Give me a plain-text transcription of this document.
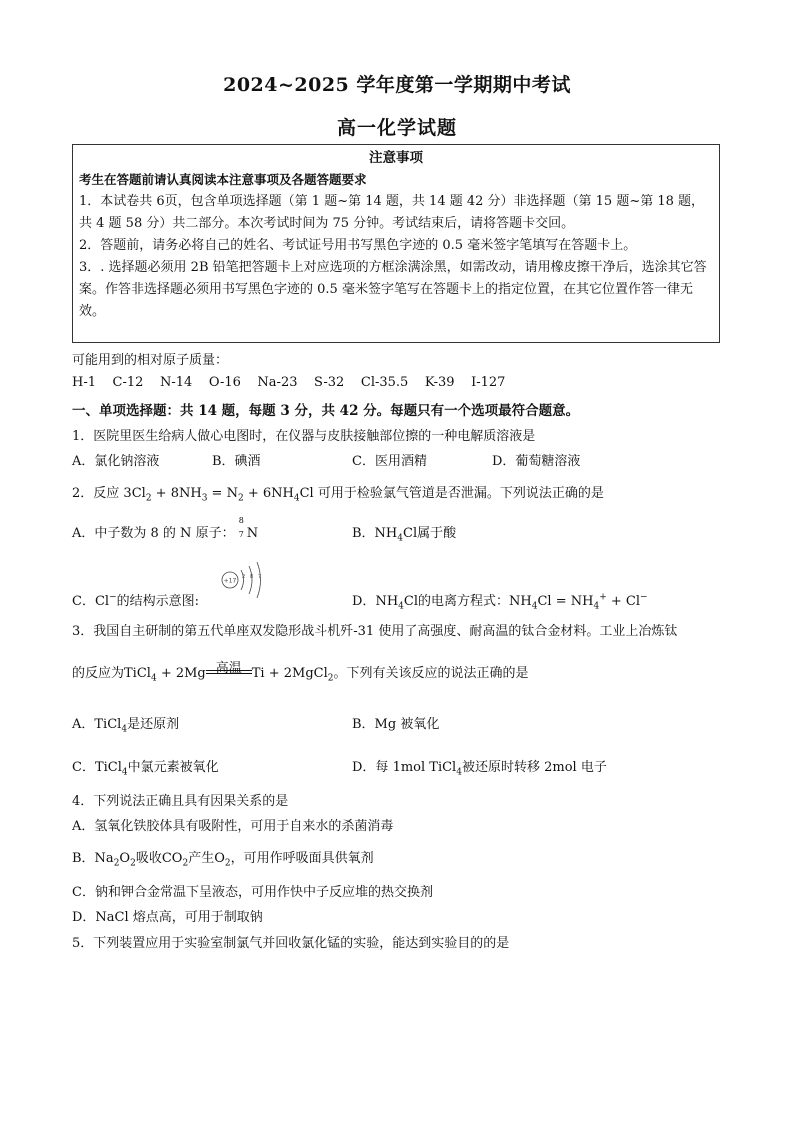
2024~2025 学年度第一学期期中考试
高一化学试题

注意事项

考生在答题前请认真阅读本注意事项及各题答题要求

1．本试卷共 6页，包含单项选择题（第 1 题~第 14 题，共 14 题 42 分）非选择题（第 15 题~第 18 题，共 4 题 58 分）共二部分。本次考试时间为 75 分钟。考试结束后，请将答题卡交回。

2．答题前，请务必将自己的姓名、考试证号用书写黑色字迹的 0.5 毫米签字笔填写在答题卡上。

3．. 选择题必须用 2B 铅笔把答题卡上对应选项的方框涂满涂黑，如需改动，请用橡皮擦干净后，选涂其它答案。作答非选择题必须用书写黑色字迹的 0.5 毫米签字笔写在答题卡上的指定位置，在其它位置作答一律无效。

可能用到的相对原子质量：
H-1 C-12 N-14 O-16 Na-23 S-32 Cl-35.5 K-39 I-127
一、单项选择题：共 14 题，每题 3 分，共 42 分。每题只有一个选项最符合题意。
1．医院里医生给病人做心电图时，在仪器与皮肤接触部位擦的一种电解质溶液是
A．氯化钠溶液	B．碘酒	C．医用酒精	D．葡萄糖溶液
2．反应 $3Cl_2 + 8NH_3 = N_2 + 6NH_4Cl$ 可用于检验氯气管道是否泄漏。下列说法正确的是
A．中子数为 8 的 N 原子：
8
7 N	B．$NH_4Cl$属于酸
C．Cl−的结构示意图:
+17
2 8 7
D．$NH_4Cl$的电离方程式：$NH_4Cl = NH_4^+ + Cl^-$
3．我国自主研制的第五代单座双发隐形战斗机歼-31 使用了高强度、耐高温的钛合金材料。工业上冶炼钛
的反应为TiCl$_4$ + 2Mg 高温 Ti + 2MgCl$_2$。下列有关该反应的说法正确的是
A．TiCl$_4$是还原剂	B．Mg 被氧化
C．TiCl$_4$中氯元素被氧化	D．每 1mol TiCl$_4$被还原时转移 2mol 电子
4．下列说法正确且具有因果关系的是
A．氢氧化铁胶体具有吸附性，可用于自来水的杀菌消毒
B．$Na_2O_2$吸收$CO_2$产生$O_2$，可用作呼吸面具供氧剂
C．钠和钾合金常温下呈液态，可用作快中子反应堆的热交换剂
D．NaCl 熔点高，可用于制取钠
5．下列装置应用于实验室制氯气并回收氯化锰的实验，能达到实验目的的是
